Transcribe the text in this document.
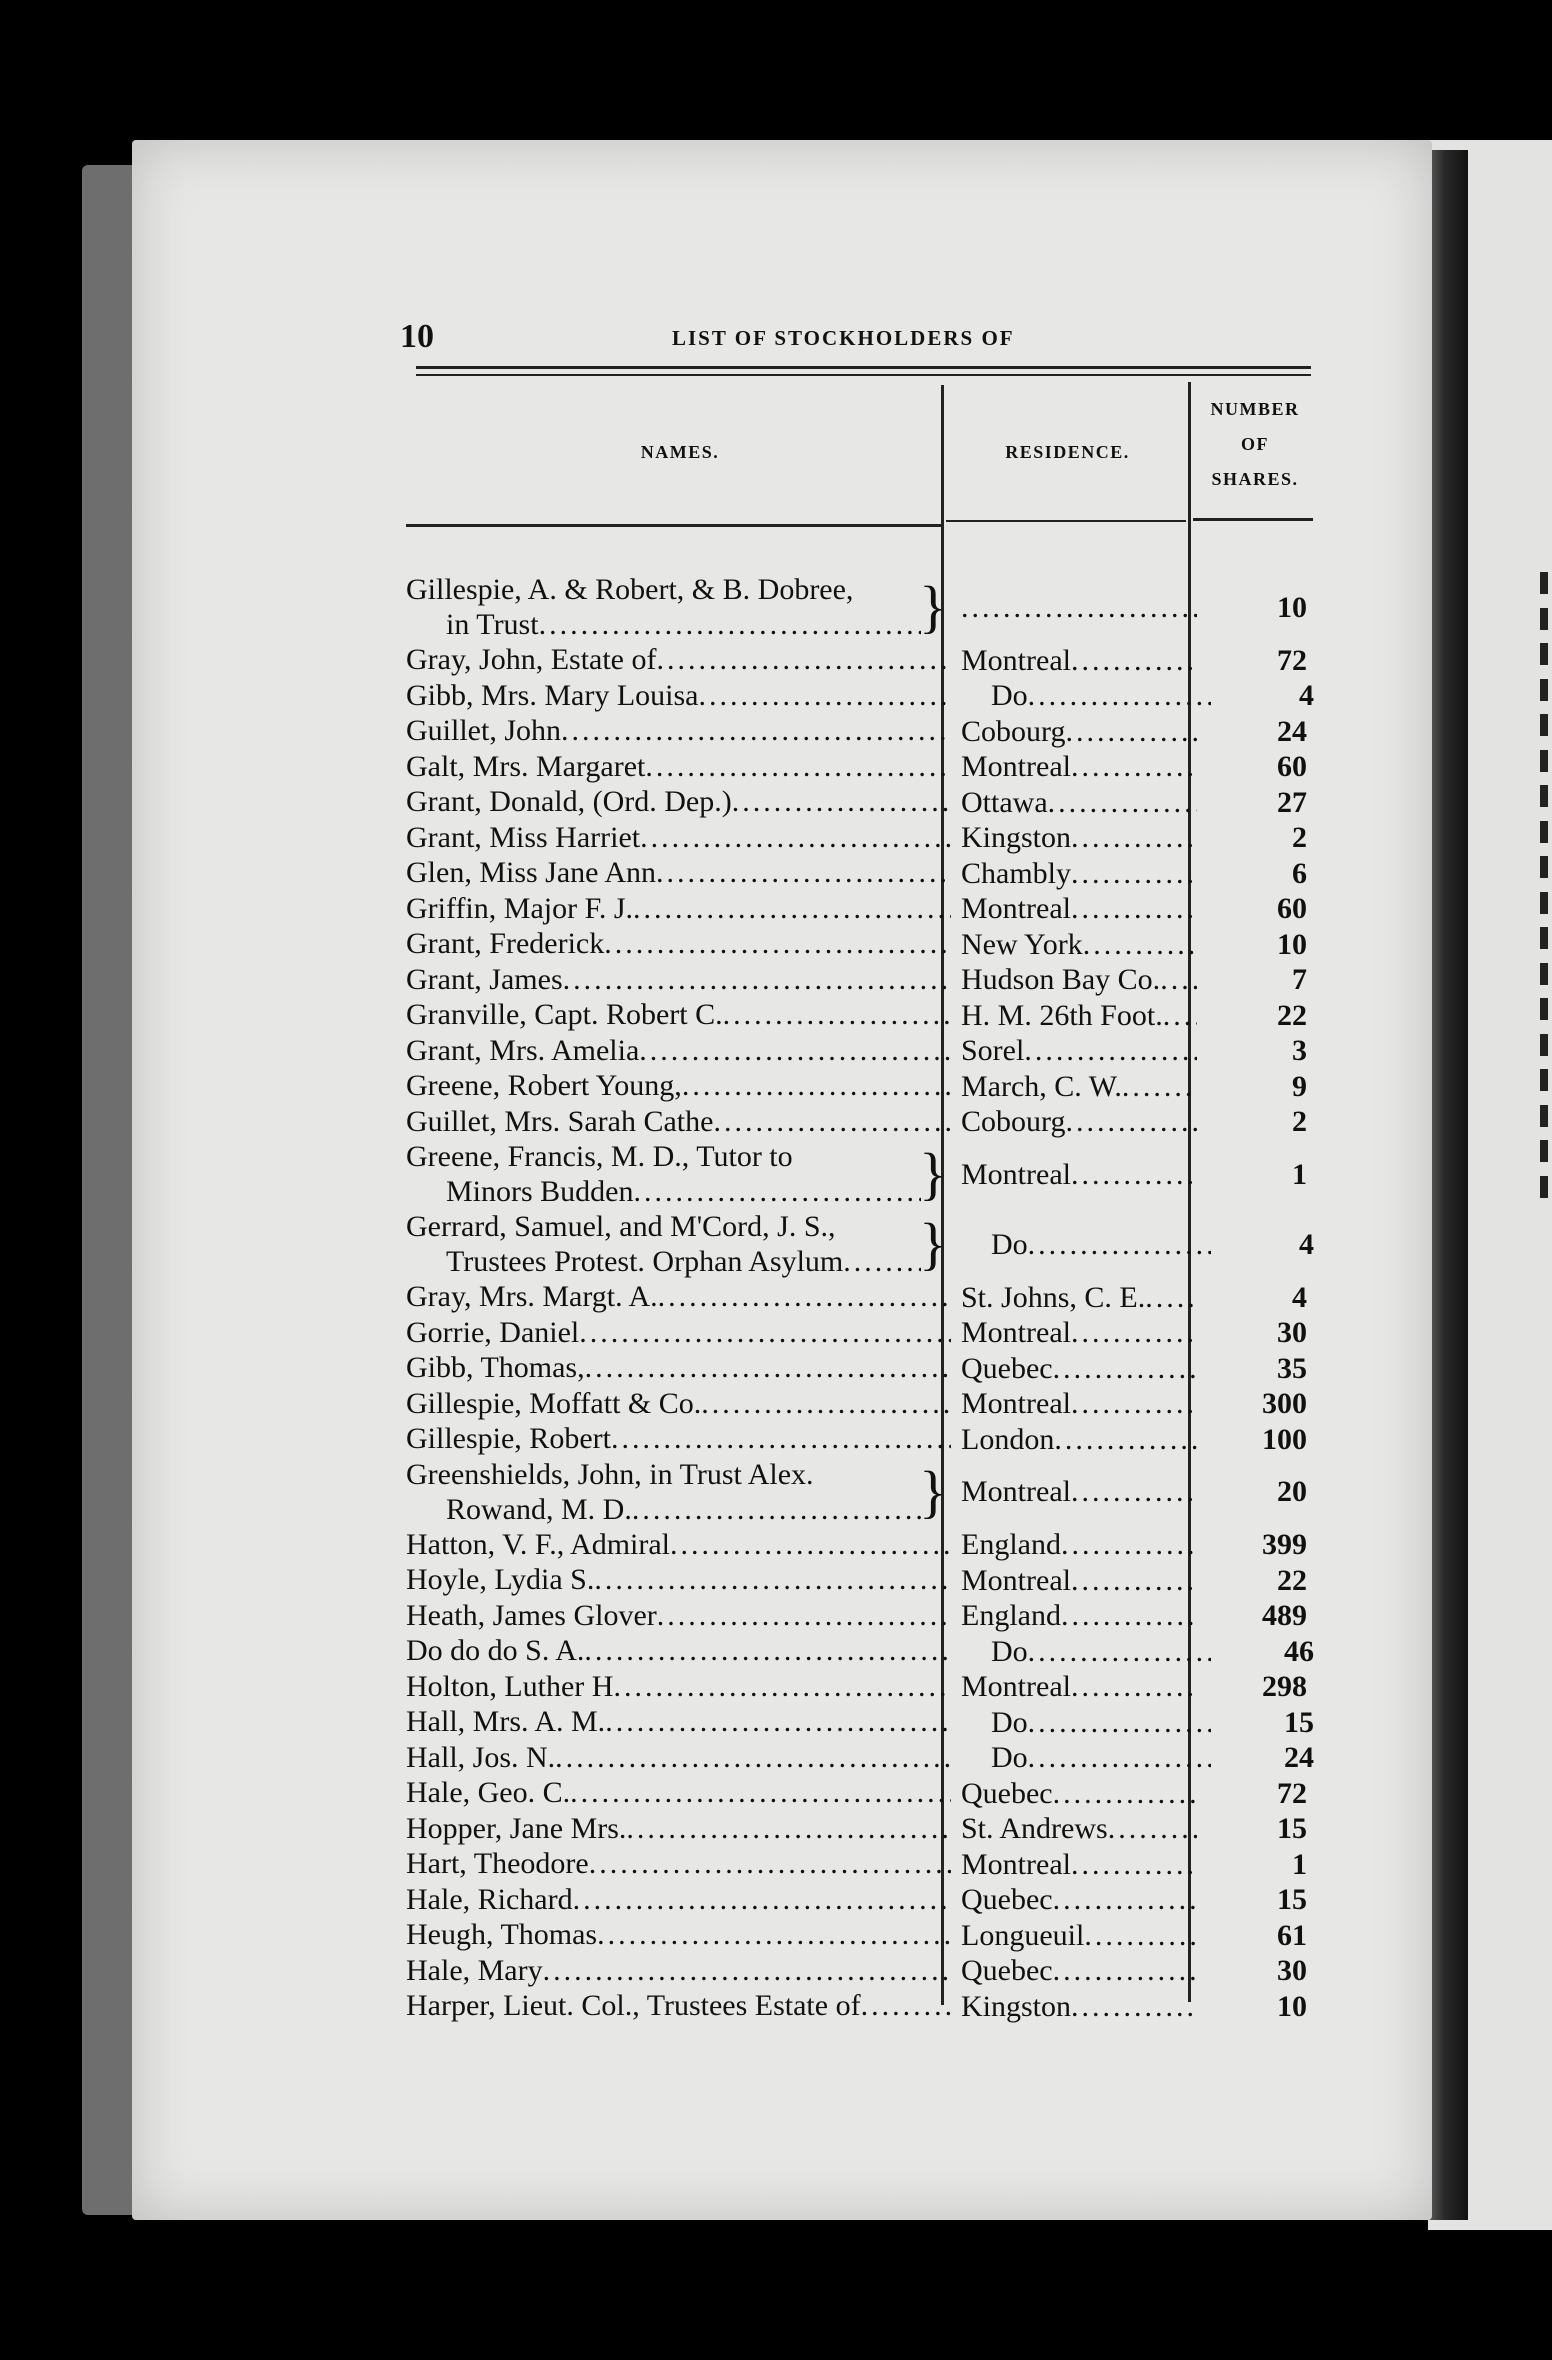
10	LIST OF STOCKHOLDERS OF
NAMES.	RESIDENCE.
NUMBER
OF
SHARES.
Gillespie, A. & Robert, & B. Dobree,
in Trust .....	} .....	10
Gray, John, Estate of .....	Montreal .....	72
Gibb, Mrs. Mary Louisa .....	Do .....	4
Guillet, John .....	Cobourg .....	24
Galt, Mrs. Margaret .....	Montreal .....	60
Grant, Donald, (Ord. Dep.) .....	Ottawa .....	27
Grant, Miss Harriet .....	Kingston .....	2
Glen, Miss Jane Ann .....	Chambly .....	6
Griffin, Major F. J. .....	Montreal .....	60
Grant, Frederick .....	New York .....	10
Grant, James .....	Hudson Bay Co. .....	7
Granville, Capt. Robert C. .....	H. M. 26th Foot. .....	22
Grant, Mrs. Amelia .....	Sorel .....	3
Greene, Robert Young, .....	March, C. W. .....	9
Guillet, Mrs. Sarah Cathe .....	Cobourg .....	2
Greene, Francis, M. D., Tutor to
Minors Budden .....	} Montreal .....	1
Gerrard, Samuel, and M'Cord, J. S.,
Trustees Protest. Orphan Asylum ..... } Do .....	4
Gray, Mrs. Margt. A. .....	St. Johns, C. E. .....	4
Gorrie, Daniel .....	Montreal .....	30
Gibb, Thomas, .....	Quebec .....	35
Gillespie, Moffatt & Co. .....	Montreal .....	300
Gillespie, Robert .....	London .....	100
Greenshields, John, in Trust Alex.
Rowand, M. D. .....	} Montreal .....	20
Hatton, V. F., Admiral .....	England .....	399
Hoyle, Lydia S. .....	Montreal .....	22
Heath, James Glover .....	England .....	489
Do do do S. A. .....	Do .....	46
Holton, Luther H .....	Montreal .....	298
Hall, Mrs. A. M. .....	Do .....	15
Hall, Jos. N. .....	Do .....	24
Hale, Geo. C. .....	Quebec .....	72
Hopper, Jane Mrs. .....	St. Andrews .....	15
Hart, Theodore .....	Montreal .....	1
Hale, Richard .....	Quebec .....	15
Heugh, Thomas .....	Longueuil .....	61
Hale, Mary .....	Quebec .....	30
Harper, Lieut. Col., Trustees Estate of .....	Kingston .....	10
